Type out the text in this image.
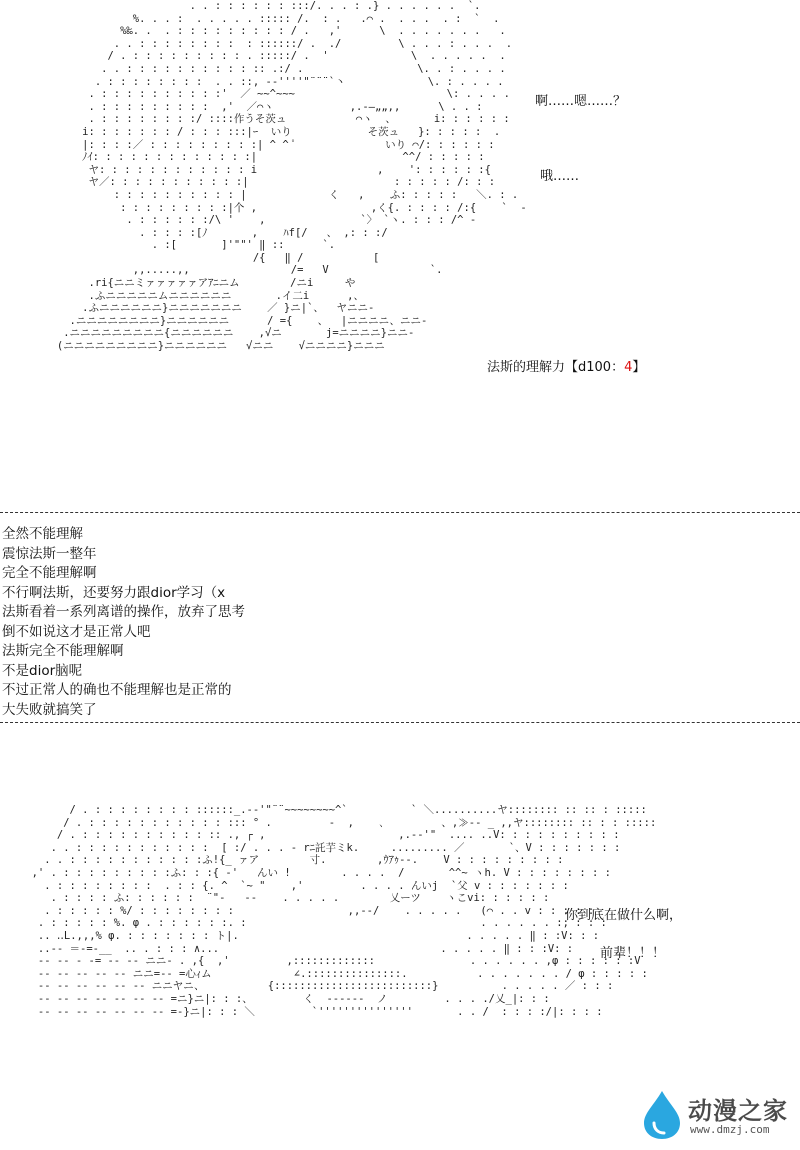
. . : : : : : : :::/. . . : .} . . . . . .  `.
%. . . :  . . . . . ::::: /.  : .   .⌒ .  . . .  . :  `  .
%‰. .  . : : : : : : : : : / .   ,'      \  . . . . . . .   .
. . : : : : : : : :  : ::::::/ .  ./         \ . . . : . . .  .
/ . : : : : : : : : : . :::::/ .  '             \  . . . . .  .
. . : : : : : : : : : : :: .:/ .                  \. . : . . . .
. : : : : : : : :  . . ::, -‐''''"¨¨¨`丶             \. : . . . .
. : : : : : : : : : :'  ／ ~~^~~~                        \: . . . .
. : : : : : : : : :  ,'  ／⌒ヽ            ,.‐—„„,,      \ . . :
. : : : : : : : :/ ::::作うそ茨ュ           ⌒ヽ  、      i: : : : : :
i: : : : : : : / : : : :::|ｰ  いり            そ茨ュ   }: : : : :  .
|: : : :／ : : : : : : : : :| ^ ^ ﾟ              いり ⌒/: : : : : :
ﾉｲ: : : : : : : : : : : : :|                       ^^/ : : : : :
ヤ: : : : : : : : : : : : i                   ,    ': : : : : :{
ヤ／: : : : : : : : : : :|                       : : : : : /: : :
: : : : : : : : : : |             く   ,    ふ: : : : :   ＼. : .
: : : : : : : : :|个 ,                  ,く{. : : : : /:{    `  ‐
. : : : : : :/\ '    ,               `〉 `ヽ. : : : /^ ‐
. : : : :[ﾉ       ,    ﾊf[/   、 ,: : :/
. :[       ]'""' ‖ ::      `.
/{   ‖ /           [
,,.....,,                /=   V                `.
.ri{ニニミァァァァァアｱﾆニム        /ニi     や
.ふニニニニニムニニニニニニ       .イ二i      ,、
.ふニニニニニニ}ニニニニニニニ    ／ }ニ|`、  ヤニニ-
.ニニニニニニニニ}ニニニニニニ      / ={    、  |ニニニニ、ニニ-
.ニニニニニニニニニ{ニニニニニニ    ,√ニ       j=ニニニニ}ニニ-
(ニニニニニニニニニ}ニニニニニニ   √ニニ    √ニニニニ}ニニニ
啊……嗯……？
哦……
法斯的理解力【d100：4】
全然不能理解
震惊法斯一整年
完全不能理解啊
不行啊法斯，还要努力跟dior学习（x
法斯看着一系列离谱的操作，放弃了思考
倒不如说这才是正常人吧
法斯完全不能理解啊
不是dior脑呢
不过正常人的确也不能理解也是正常的
大失败就搞笑了
/ . : : : : : : : : ::::::_.-‐'"¨¨~~~~~~~~^`          ` ＼..........ヤ:::::::: :: :: : :::::
/ . : : : : : : : : : : : ::: ° .         -  ,    ､         、,≫-- _ ,,ヤ:::::::: :: : : :::::
/ . : : : : : : : : : : :: ., ┌ ,                     ,.-‐'"  .... ..V: : : : : : : : : :
. . : : : : : : : : : : :  [ :/ . . . ‐ rﾆ託芋ミk.     ......... ／       `、V : : : : : : :
. . : : : : : : : : : : :ふ!{_ ァア        寸.        ,ｳｱｩ--.    V : : : : : : : : :
,' . : : : : : : : : :ふ: : :{ ‐'   んい !        . . . .  /       ^^~ ヽh. V : : : : : : : :
. : : : : : : : :  . : : {. ^  `~ "    ,'         . . . . んいj  `父 v : : : : : : :
. : : : : ふ: : : : : :  ¨"‐   -‐    . . . . .        乂ーツ    ヽこvi: : : : : :
. : : : : : %/ : : : : : : : :                  ,,-‐/    . . . . .   (⌒ . . v : : : : :
. : : : : : %. φ . : : : : : :. :                                     . . . . . . :; : : :
.. ‥L.,,,% φ. : : : : : : : ト|.                                    . . . . . ‖ : :V: : :
..-‐ ＝-=-__  .. . : : : ∧...                                   . . . . . ‖ : : :V: :
-‐ -‐ - ‐= -‐ -‐ ニニ- . ,{  ,'         ,:::::::::::::               . . . . . . ,φ : : : : : :V
-‐ -‐ -‐ -‐ -‐ ニニ=-‐ =心ｨム             ∠.:::::::::::::::.           . . . . . . . / φ : : : : :
-‐ -‐ -‐ -‐ -‐ -‐ ニニヤニ、          {:::::::::::::::::::::::::}          . . . . . ／ : : :
-‐ -‐ -‐ -‐ -‐ -‐ -‐ =ニ}ニ|: : :、        く  ‐‐‐‐‐‐  ノ         . . . ./乂_|: : :
-‐ -‐ -‐ -‐ -‐ -‐ -‐ =-}ニ|: : : ＼         `'''''''''''''''       . . /  : : : :/|: : : :
你到底在做什么啊，
前辈！！！
动漫之家
www.dmzj.com
